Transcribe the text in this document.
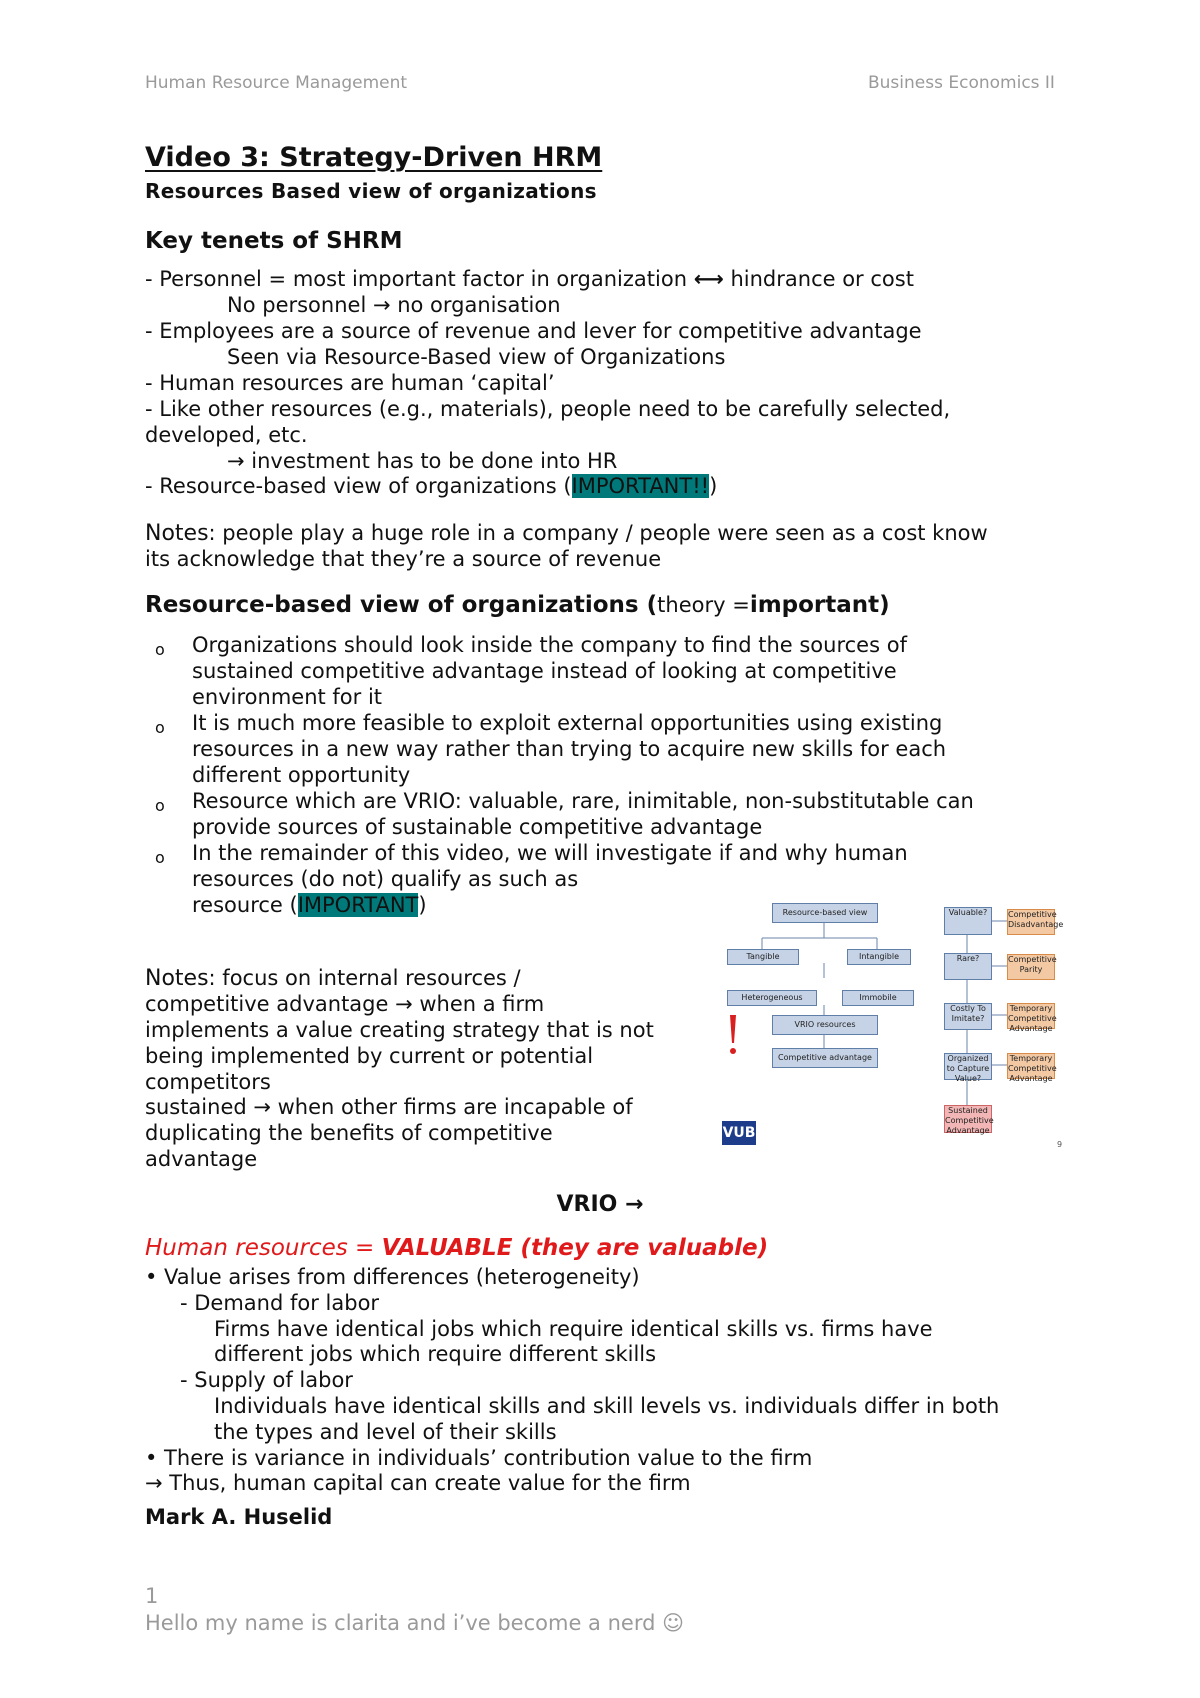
Human Resource Management	Business Economics II
Video 3: Strategy-Driven HRM
Resources Based view of organizations
Key tenets of SHRM
- Personnel = most important factor in organization ⟷ hindrance or cost
No personnel → no organisation
- Employees are a source of revenue and lever for competitive advantage
Seen via Resource-Based view of Organizations
- Human resources are human ‘capital’
- Like other resources (e.g., materials), people need to be carefully selected,
developed, etc.
→ investment has to be done into HR
- Resource-based view of organizations (IMPORTANT!!)
Notes: people play a huge role in a company / people were seen as a cost know
its acknowledge that they’re a source of revenue
Resource-based view of organizations (theory =important)
o Organizations should look inside the company to find the sources of
sustained competitive advantage instead of looking at competitive
environment for it
o It is much more feasible to exploit external opportunities using existing
resources in a new way rather than trying to acquire new skills for each
different opportunity
o Resource which are VRIO: valuable, rare, inimitable, non-substitutable can
provide sources of sustainable competitive advantage
o In the remainder of this video, we will investigate if and why human
resources (do not) qualify as such as
resource (IMPORTANT)
Notes: focus on internal resources /
competitive advantage → when a firm
implements a value creating strategy that is not
being implemented by current or potential
competitors
sustained → when other firms are incapable of
duplicating the benefits of competitive
advantage
Resource-based view
Tangible	Intangible
Heterogeneous	Immobile
VRIO resources
Competitive advantage
Valuable?
Rare?
Costly To Imitate?
Organized to Capture Value?
Sustained Competitive Advantage
Competitive Disadvantage
Competitive Parity
Temporary Competitive Advantage
Temporary Competitive Advantage
VUB
9
VRIO →
Human resources = VALUABLE (they are valuable)
• Value arises from differences (heterogeneity)
- Demand for labor
Firms have identical jobs which require identical skills vs. firms have
different jobs which require different skills
- Supply of labor
Individuals have identical skills and skill levels vs. individuals differ in both
the types and level of their skills
• There is variance in individuals’ contribution value to the firm
→ Thus, human capital can create value for the firm
Mark A. Huselid
1
Hello my name is clarita and i’ve become a nerd ☺
